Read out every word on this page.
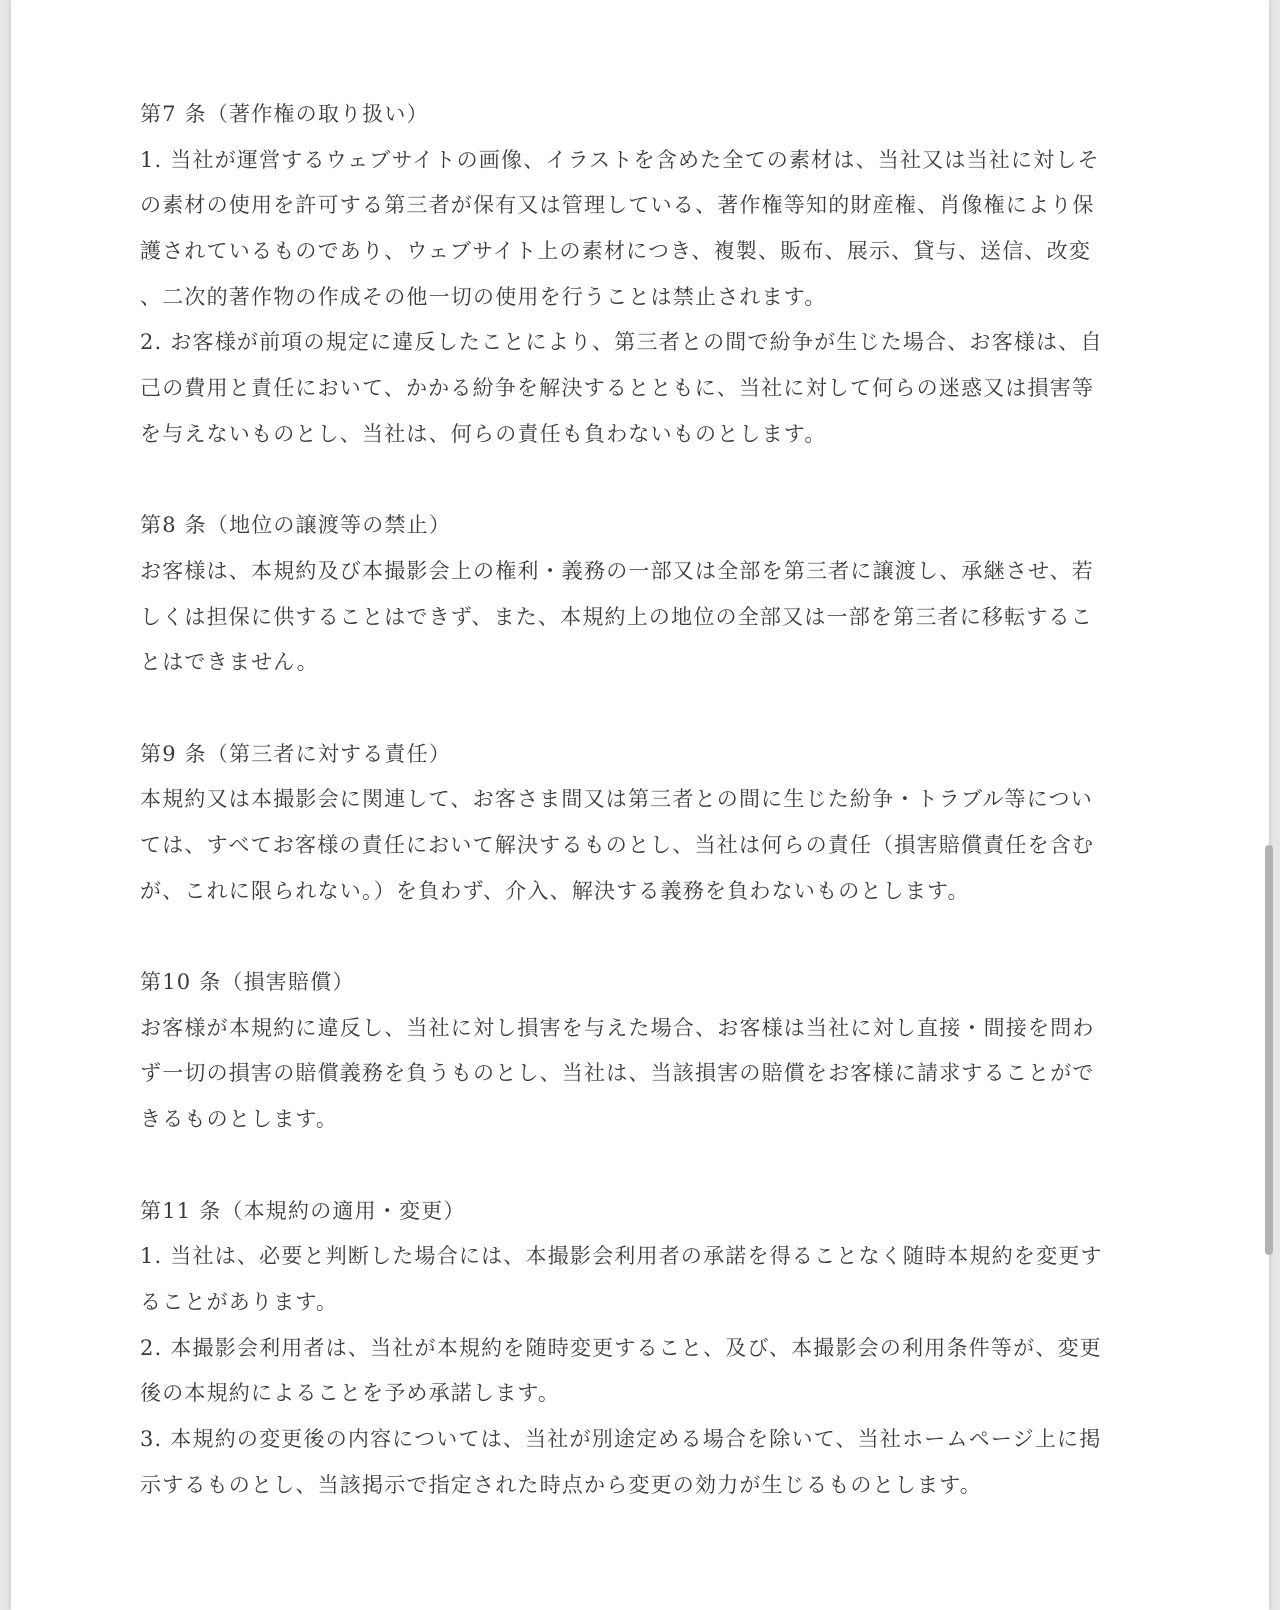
第7 条（著作権の取り扱い）
1. 当社が運営するウェブサイトの画像、イラストを含めた全ての素材は、当社又は当社に対しそ
の素材の使用を許可する第三者が保有又は管理している、著作権等知的財産権、肖像権により保
護されているものであり、ウェブサイト上の素材につき、複製、販布、展示、貸与、送信、改変
、二次的著作物の作成その他一切の使用を行うことは禁止されます。
2. お客様が前項の規定に違反したことにより、第三者との間で紛争が生じた場合、お客様は、自
己の費用と責任において、かかる紛争を解決するとともに、当社に対して何らの迷惑又は損害等
を与えないものとし、当社は、何らの責任も負わないものとします。
第8 条（地位の譲渡等の禁止）
お客様は、本規約及び本撮影会上の権利・義務の一部又は全部を第三者に譲渡し、承継させ、若
しくは担保に供することはできず、また、本規約上の地位の全部又は一部を第三者に移転するこ
とはできません。
第9 条（第三者に対する責任）
本規約又は本撮影会に関連して、お客さま間又は第三者との間に生じた紛争・トラブル等につい
ては、すべてお客様の責任において解決するものとし、当社は何らの責任（損害賠償責任を含む
が、これに限られない。）を負わず、介入、解決する義務を負わないものとします。
第10 条（損害賠償）
お客様が本規約に違反し、当社に対し損害を与えた場合、お客様は当社に対し直接・間接を問わ
ず一切の損害の賠償義務を負うものとし、当社は、当該損害の賠償をお客様に請求することがで
きるものとします。
第11 条（本規約の適用・変更）
1. 当社は、必要と判断した場合には、本撮影会利用者の承諾を得ることなく随時本規約を変更す
ることがあります。
2. 本撮影会利用者は、当社が本規約を随時変更すること、及び、本撮影会の利用条件等が、変更
後の本規約によることを予め承諾します。
3. 本規約の変更後の内容については、当社が別途定める場合を除いて、当社ホームページ上に掲
示するものとし、当該掲示で指定された時点から変更の効力が生じるものとします。
